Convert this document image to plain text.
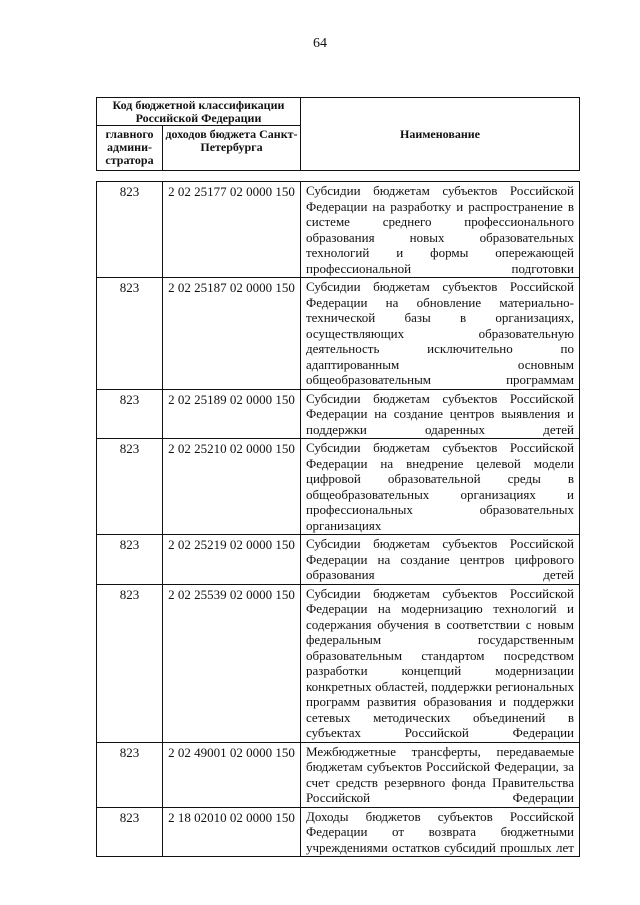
64
Код бюджетной классификации Российской Федерации		Наименование
главного админи-стратора	доходов бюджета Санкт-Петербурга	
823	2 02 25177 02 0000 150	Субсидии бюджетам субъектов Российской Федерации на разработку и распространение в системе среднего профессионального образования новых образовательных технологий и формы опережающей профессиональной подготовки
823	2 02 25187 02 0000 150	Субсидии бюджетам субъектов Российской Федерации на обновление материально-технической базы в организациях, осуществляющих образовательную деятельность исключительно по адаптированным основным общеобразовательным программам
823	2 02 25189 02 0000 150	Субсидии бюджетам субъектов Российской Федерации на создание центров выявления и поддержки одаренных детей
823	2 02 25210 02 0000 150	Субсидии бюджетам субъектов Российской Федерации на внедрение целевой модели цифровой образовательной среды в общеобразовательных организациях и профессиональных образовательных организациях
823	2 02 25219 02 0000 150	Субсидии бюджетам субъектов Российской Федерации на создание центров цифрового образования детей
823	2 02 25539 02 0000 150	Субсидии бюджетам субъектов Российской Федерации на модернизацию технологий и содержания обучения в соответствии с новым федеральным государственным образовательным стандартом посредством разработки концепций модернизации конкретных областей, поддержки региональных программ развития образования и поддержки сетевых методических объединений в субъектах Российской Федерации
823	2 02 49001 02 0000 150	Межбюджетные трансферты, передаваемые бюджетам субъектов Российской Федерации, за счет средств резервного фонда Правительства Российской Федерации
823	2 18 02010 02 0000 150	Доходы бюджетов субъектов Российской Федерации от возврата бюджетными учреждениями остатков субсидий прошлых лет
